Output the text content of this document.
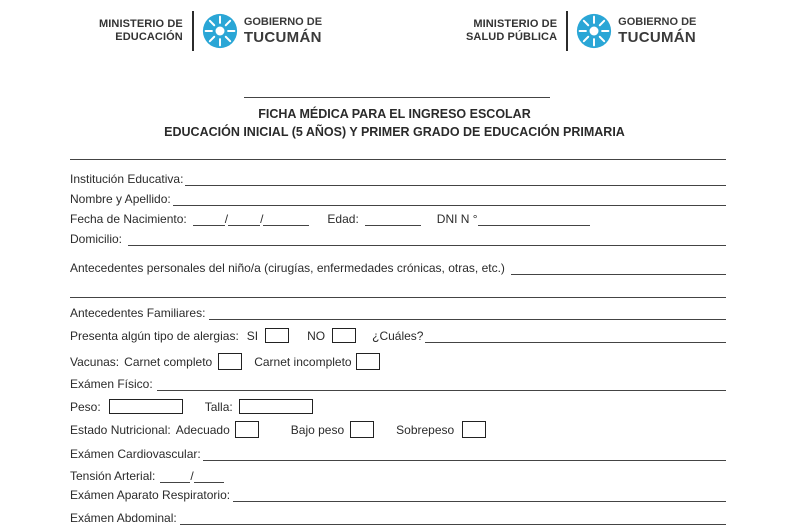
MINISTERIO DE
EDUCACIÓN
GOBIERNO DE
TUCUMÁN
MINISTERIO DE
SALUD PÚBLICA
GOBIERNO DE
TUCUMÁN
FICHA MÉDICA PARA EL INGRESO ESCOLAR
EDUCACIÓN INICIAL (5 AÑOS) Y PRIMER GRADO DE EDUCACIÓN PRIMARIA
Institución Educativa:
Nombre y Apellido:
Fecha de Nacimiento:	/	/	Edad:	DNI N °
Domicilio:
Antecedentes personales del niño/a (cirugías, enfermedades crónicas, otras, etc.)
Antecedentes Familiares:
Presenta algún tipo de alergias: SI	NO	¿Cuáles?
Vacunas: Carnet completo	Carnet incompleto
Exámen Físico:
Peso:	Talla:
Estado Nutricional: Adecuado	Bajo peso	Sobrepeso
Exámen Cardiovascular:
Tensión Arterial:	/
Exámen Aparato Respiratorio:
Exámen Abdominal:
